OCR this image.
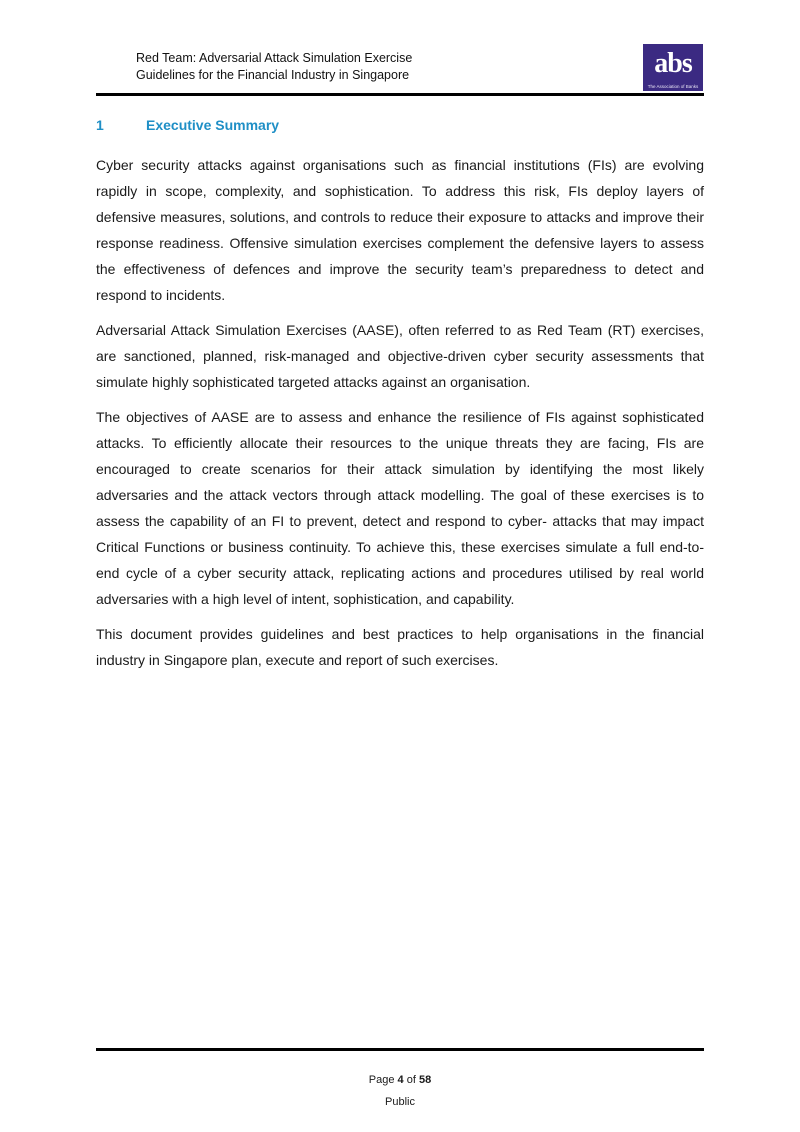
Red Team: Adversarial Attack Simulation Exercise
Guidelines for the Financial Industry in Singapore	abs
The Association of Banks
1	Executive Summary

Cyber security attacks against organisations such as financial institutions (FIs) are evolving rapidly in scope, complexity, and sophistication. To address this risk, FIs deploy layers of defensive measures, solutions, and controls to reduce their exposure to attacks and improve their response readiness. Offensive simulation exercises complement the defensive layers to assess the effectiveness of defences and improve the security team’s preparedness to detect and respond to incidents.

Adversarial Attack Simulation Exercises (AASE), often referred to as Red Team (RT) exercises, are sanctioned, planned, risk-managed and objective-driven cyber security assessments that simulate highly sophisticated targeted attacks against an organisation.

The objectives of AASE are to assess and enhance the resilience of FIs against sophisticated attacks. To efficiently allocate their resources to the unique threats they are facing, FIs are encouraged to create scenarios for their attack simulation by identifying the most likely adversaries and the attack vectors through attack modelling. The goal of these exercises is to assess the capability of an FI to prevent, detect and respond to cyber- attacks that may impact Critical Functions or business continuity. To achieve this, these exercises simulate a full end-to-end cycle of a cyber security attack, replicating actions and procedures utilised by real world adversaries with a high level of intent, sophistication, and capability.

This document provides guidelines and best practices to help organisations in the financial industry in Singapore plan, execute and report of such exercises.

Page 4 of 58
Public
